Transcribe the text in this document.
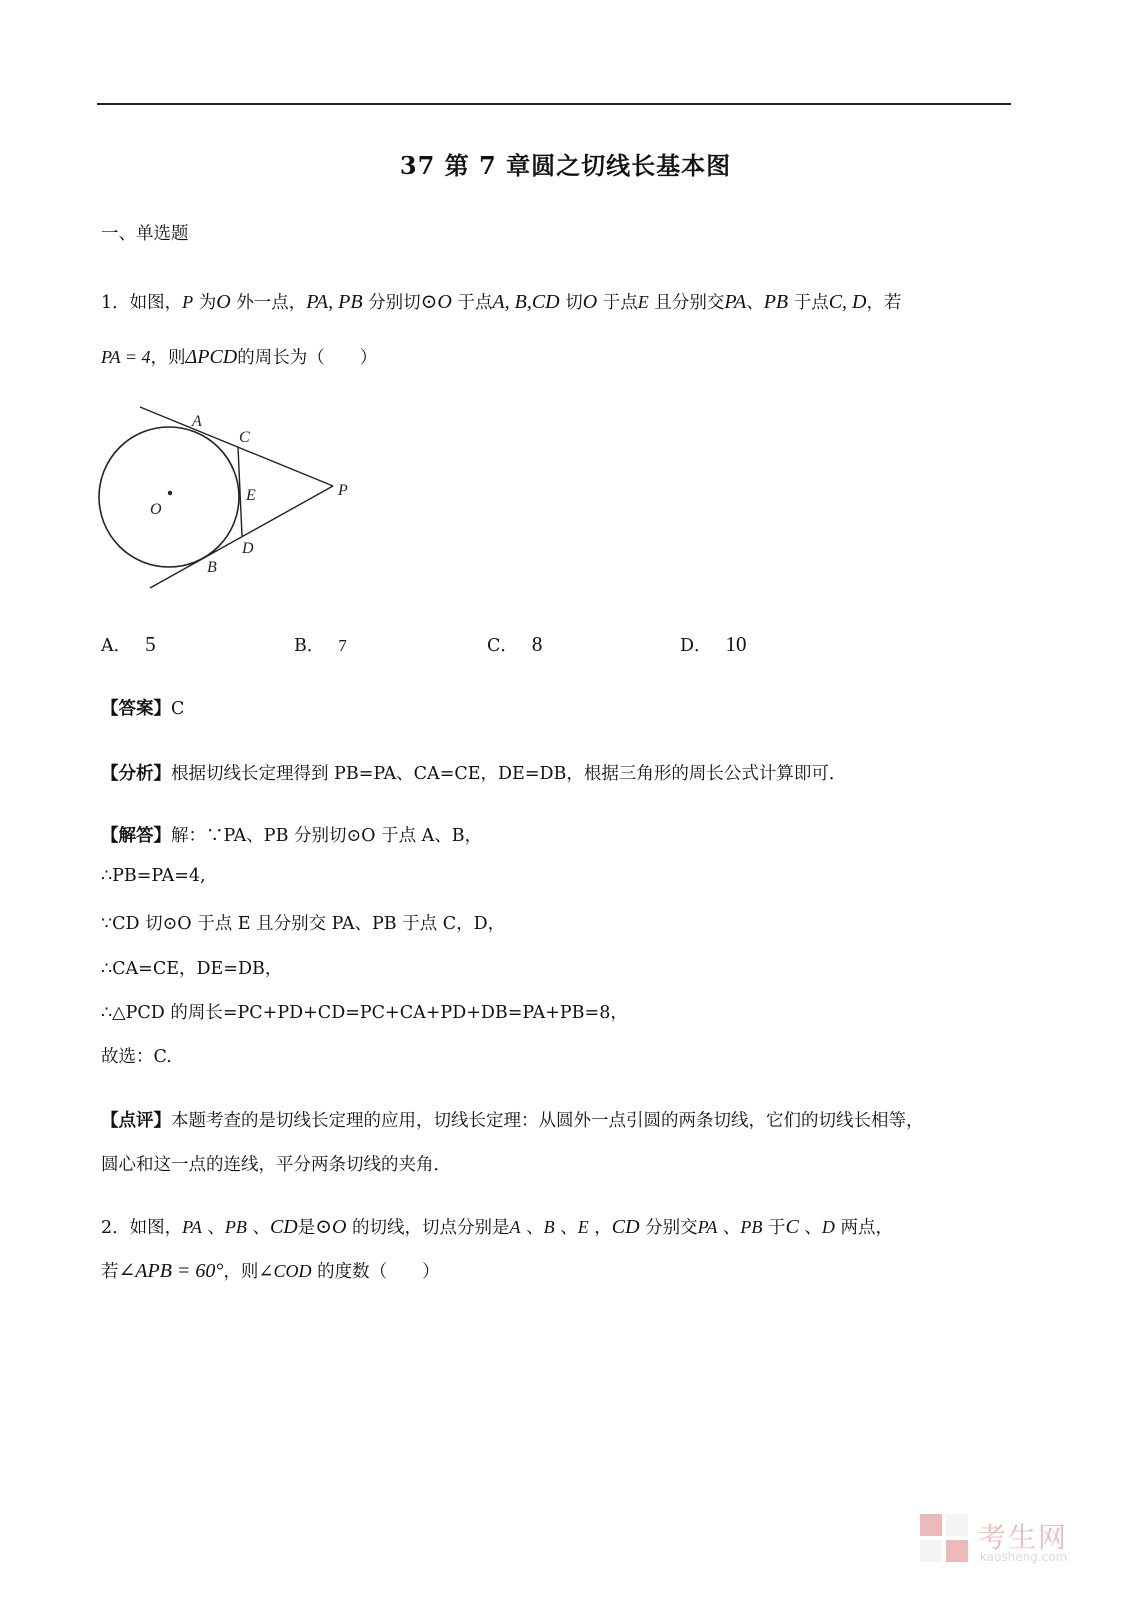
37 第 7 章圆之切线长基本图
一、单选题
1．如图，P 为O 外一点，PA, PB 分别切⊙O 于点A, B,CD 切O 于点E 且分别交PA、PB 于点C, D，若
PA = 4，则ΔPCD的周长为（　　）
A
C
E	P
O
D
B
A． 5	B． 7	C． 8	D． 10
【答案】C
【分析】根据切线长定理得到 PB=PA、CA=CE，DE=DB，根据三角形的周长公式计算即可．
【解答】解：∵PA、PB 分别切⊙O 于点 A、B，
∴PB=PA=4,
∵CD 切⊙O 于点 E 且分别交 PA、PB 于点 C，D，
∴CA=CE，DE=DB，
∴△PCD 的周长=PC+PD+CD=PC+CA+PD+DB=PA+PB=8，
故选：C.
【点评】本题考查的是切线长定理的应用，切线长定理：从圆外一点引圆的两条切线，它们的切线长相等，
圆心和这一点的连线，平分两条切线的夹角．
2．如图，PA 、PB 、CD是⊙O 的切线，切点分别是A 、B 、E ，CD 分别交PA 、PB 于C 、D 两点，
若∠APB = 60°，则∠COD 的度数（　　）
考生网
kaosheng.com
